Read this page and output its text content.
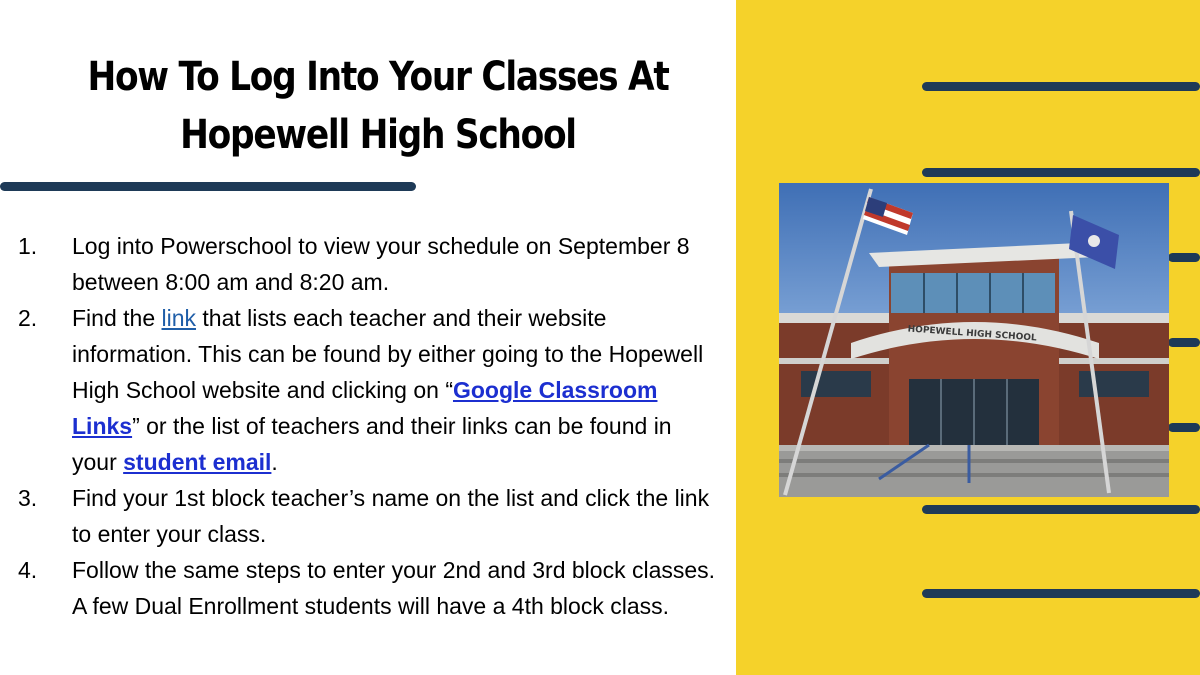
How To Log Into Your Classes At
Hopewell High School
1. Log into Powerschool to view your schedule on September 8 between 8:00 am and 8:20 am.
2. Find the link that lists each teacher and their website information. This can be found by either going to the Hopewell High School website and clicking on “Google Classroom Links” or the list of teachers and their links can be found in your student email.
3. Find your 1st block teacher’s name on the list and click the link to enter your class.
4. Follow the same steps to enter your 2nd and 3rd block classes. A few Dual Enrollment students will have a 4th block class.
HOPEWELL HIGH SCHOOL
